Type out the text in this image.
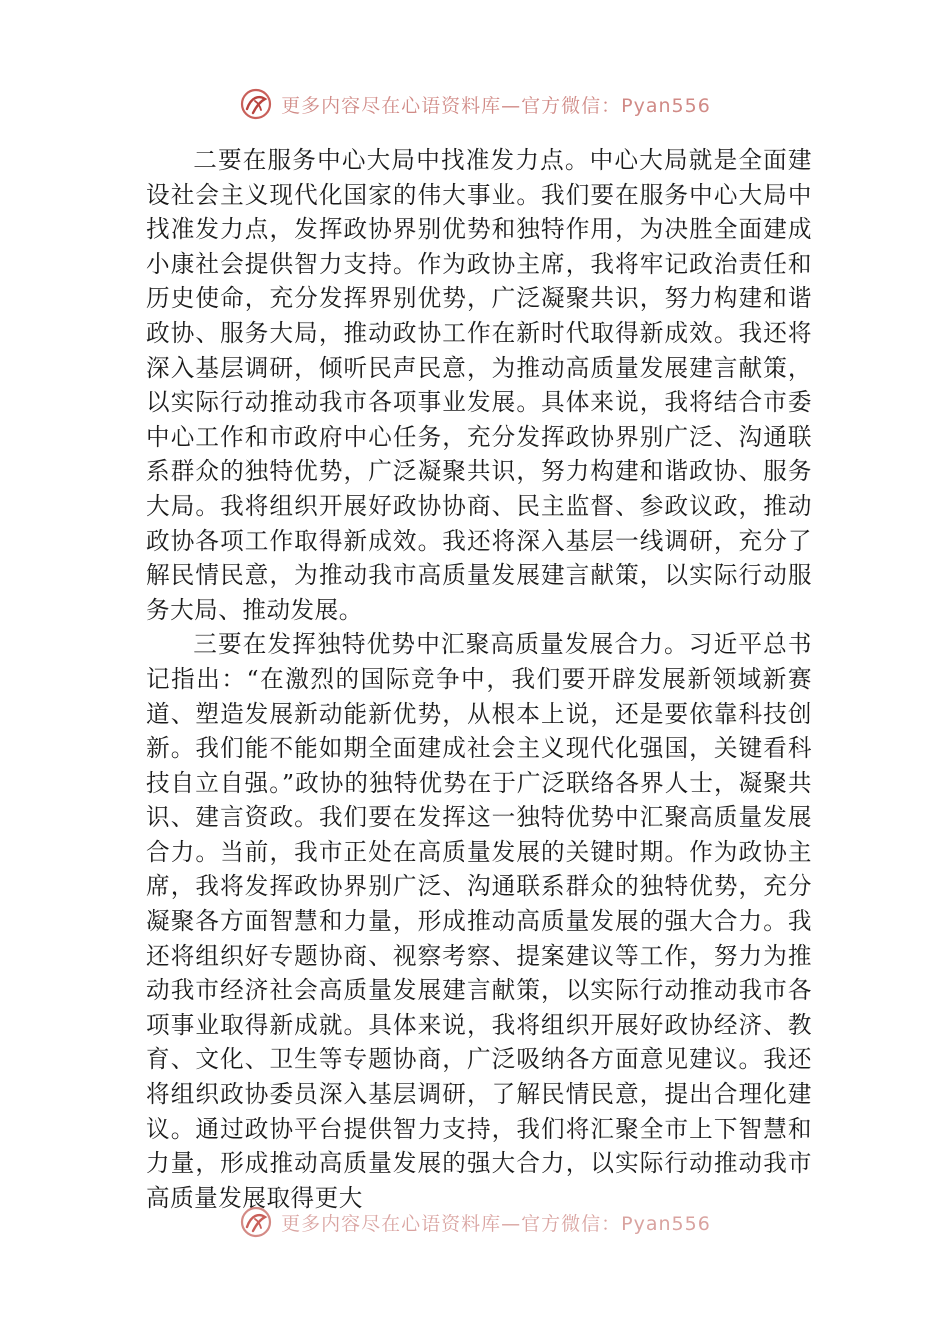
更多内容尽在心语资料库—官方微信：Pyan556

二要在服务中心大局中找准发力点。中心大局就是全面建设社会主义现代化国家的伟大事业。我们要在服务中心大局中找准发力点，发挥政协界别优势和独特作用，为决胜全面建成小康社会提供智力支持。作为政协主席，我将牢记政治责任和历史使命，充分发挥界别优势，广泛凝聚共识，努力构建和谐政协、服务大局，推动政协工作在新时代取得新成效。我还将深入基层调研，倾听民声民意，为推动高质量发展建言献策，以实际行动推动我市各项事业发展。具体来说，我将结合市委中心工作和市政府中心任务，充分发挥政协界别广泛、沟通联系群众的独特优势，广泛凝聚共识，努力构建和谐政协、服务大局。我将组织开展好政协协商、民主监督、参政议政，推动政协各项工作取得新成效。我还将深入基层一线调研，充分了解民情民意，为推动我市高质量发展建言献策，以实际行动服务大局、推动发展。

三要在发挥独特优势中汇聚高质量发展合力。习近平总书记指出：“在激烈的国际竞争中，我们要开辟发展新领域新赛道、塑造发展新动能新优势，从根本上说，还是要依靠科技创新。我们能不能如期全面建成社会主义现代化强国，关键看科技自立自强。”政协的独特优势在于广泛联络各界人士，凝聚共识、建言资政。我们要在发挥这一独特优势中汇聚高质量发展合力。当前，我市正处在高质量发展的关键时期。作为政协主席，我将发挥政协界别广泛、沟通联系群众的独特优势，充分凝聚各方面智慧和力量，形成推动高质量发展的强大合力。我还将组织好专题协商、视察考察、提案建议等工作，努力为推动我市经济社会高质量发展建言献策，以实际行动推动我市各项事业取得新成就。具体来说，我将组织开展好政协经济、教育、文化、卫生等专题协商，广泛吸纳各方面意见建议。我还将组织政协委员深入基层调研，了解民情民意，提出合理化建议。通过政协平台提供智力支持，我们将汇聚全市上下智慧和力量，形成推动高质量发展的强大合力，以实际行动推动我市高质量发展取得更大

更多内容尽在心语资料库—官方微信：Pyan556
